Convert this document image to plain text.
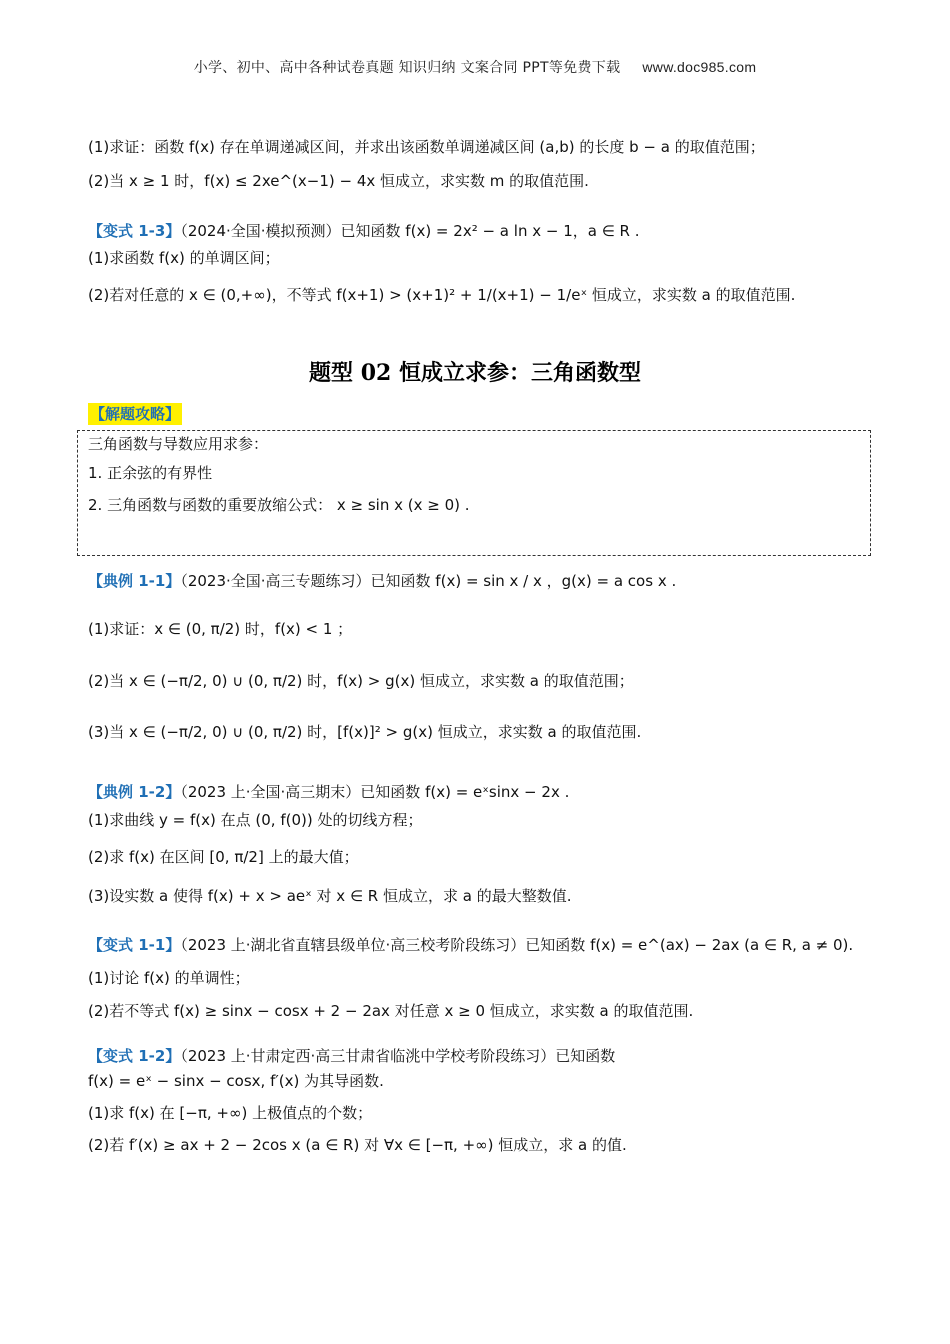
小学、初中、高中各种试卷真题 知识归纳 文案合同 PPT等免费下载 www.doc985.com
(1)求证：函数 f(x) 存在单调递减区间，并求出该函数单调递减区间 (a,b) 的长度 b − a 的取值范围；
(2)当 x ≥ 1 时，f(x) ≤ 2xe^(x−1) − 4x 恒成立，求实数 m 的取值范围.
【变式 1-3】（2024·全国·模拟预测）已知函数 f(x) = 2x² − a ln x − 1，a ∈ R .
(1)求函数 f(x) 的单调区间；
(2)若对任意的 x ∈ (0,+∞)，不等式 f(x+1) > (x+1)² + 1/(x+1) − 1/eˣ 恒成立，求实数 a 的取值范围.
题型 02 恒成立求参：三角函数型
【解题攻略】
三角函数与导数应用求参：
1. 正余弦的有界性
2. 三角函数与函数的重要放缩公式： x ≥ sin x (x ≥ 0) .
【典例 1-1】（2023·全国·高三专题练习）已知函数 f(x) = sin x / x ，g(x) = a cos x .
(1)求证：x ∈ (0, π/2) 时，f(x) < 1 ；
(2)当 x ∈ (−π/2, 0) ∪ (0, π/2) 时，f(x) > g(x) 恒成立，求实数 a 的取值范围；
(3)当 x ∈ (−π/2, 0) ∪ (0, π/2) 时，[f(x)]² > g(x) 恒成立，求实数 a 的取值范围.
【典例 1-2】（2023 上·全国·高三期末）已知函数 f(x) = eˣsinx − 2x .
(1)求曲线 y = f(x) 在点 (0, f(0)) 处的切线方程；
(2)求 f(x) 在区间 [0, π/2] 上的最大值；
(3)设实数 a 使得 f(x) + x > aeˣ 对 x ∈ R 恒成立，求 a 的最大整数值.
【变式 1-1】（2023 上·湖北省直辖县级单位·高三校考阶段练习）已知函数 f(x) = e^(ax) − 2ax (a ∈ R, a ≠ 0).
(1)讨论 f(x) 的单调性；
(2)若不等式 f(x) ≥ sinx − cosx + 2 − 2ax 对任意 x ≥ 0 恒成立，求实数 a 的取值范围.
【变式 1-2】（2023 上·甘肃定西·高三甘肃省临洮中学校考阶段练习）已知函数
f(x) = eˣ − sinx − cosx, f′(x) 为其导函数.
(1)求 f(x) 在 [−π, +∞) 上极值点的个数；
(2)若 f′(x) ≥ ax + 2 − 2cos x (a ∈ R) 对 ∀x ∈ [−π, +∞) 恒成立，求 a 的值.
